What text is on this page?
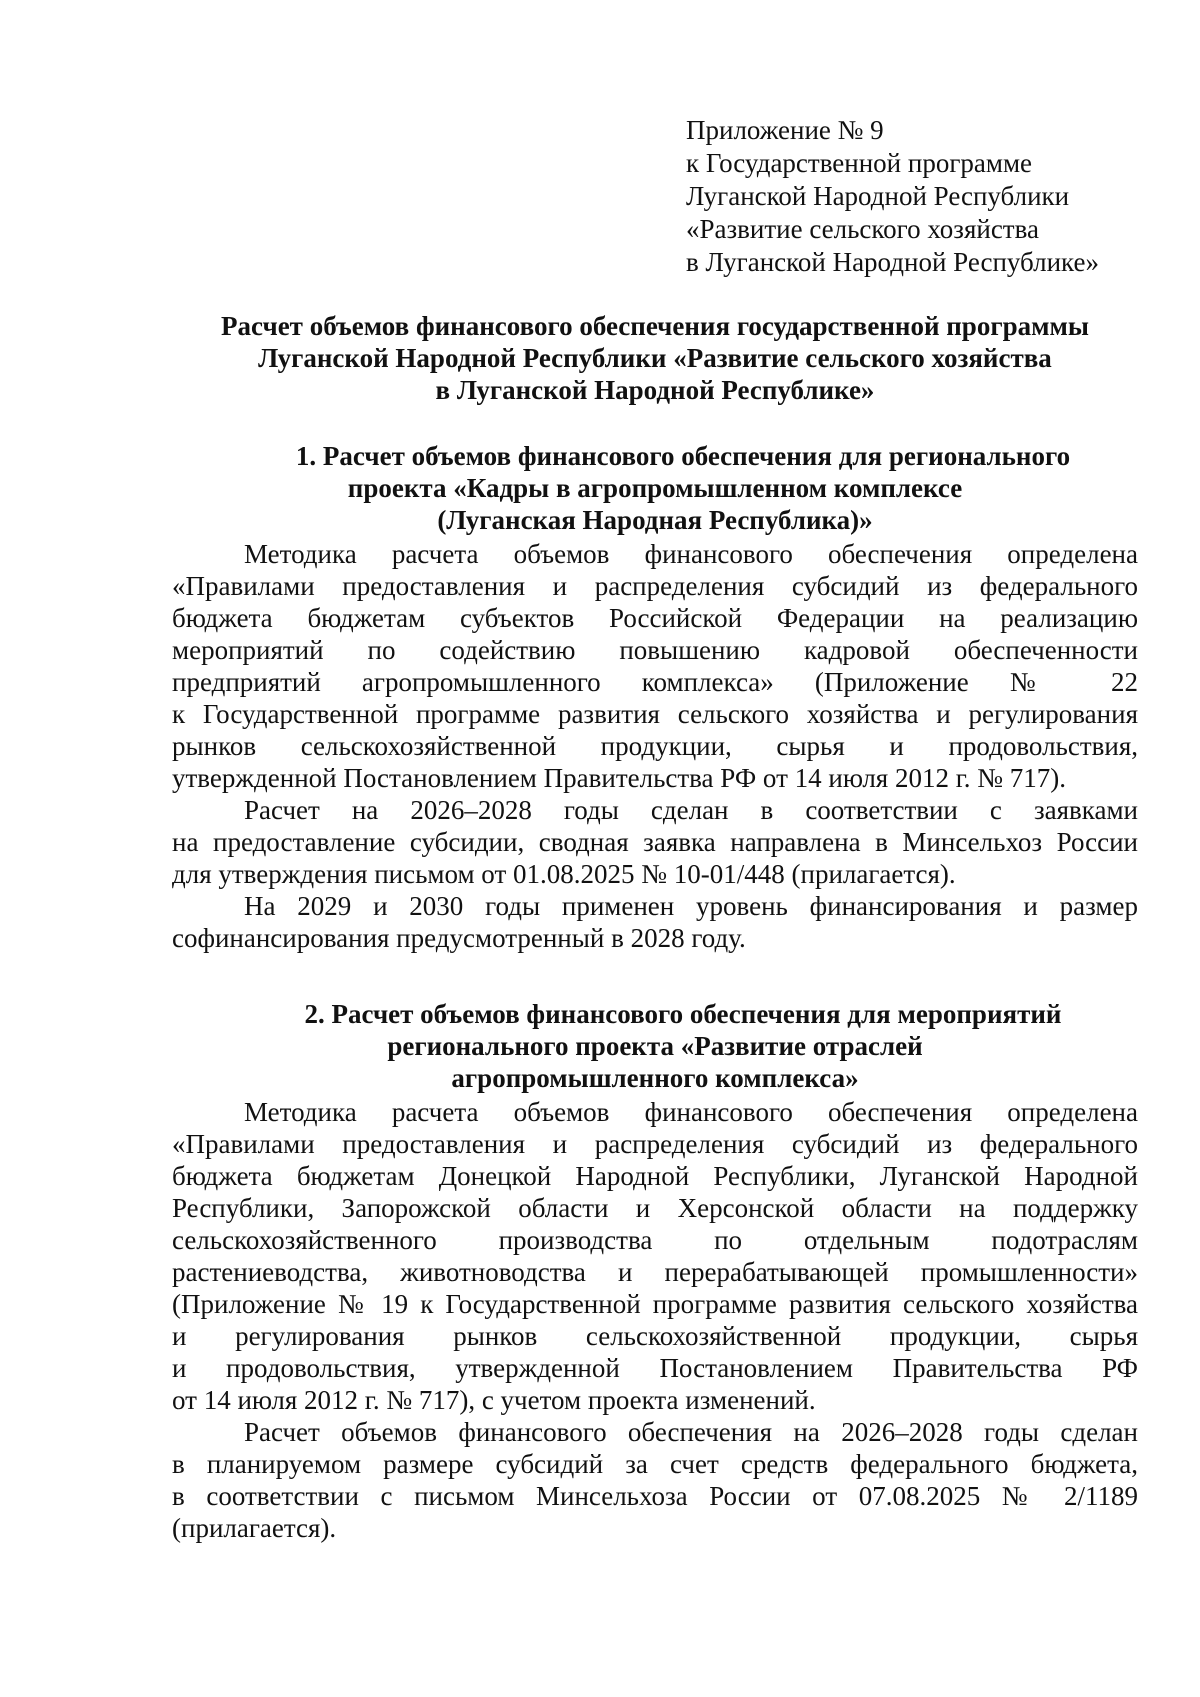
Приложение № 9
к Государственной программе
Луганской Народной Республики
«Развитие сельского хозяйства
в Луганской Народной Республике»
Расчет объемов финансового обеспечения государственной программы
Луганской Народной Республики «Развитие сельского хозяйства
в Луганской Народной Республике»
1. Расчет объемов финансового обеспечения для регионального
проекта «Кадры в агропромышленном комплексе
(Луганская Народная Республика)»
Методика расчета объемов финансового обеспечения определена
«Правилами предоставления и распределения субсидий из федерального
бюджета бюджетам субъектов Российской Федерации на реализацию
мероприятий по содействию повышению кадровой обеспеченности
предприятий агропромышленного комплекса» (Приложение № 22
к Государственной программе развития сельского хозяйства и регулирования
рынков сельскохозяйственной продукции, сырья и продовольствия,
утвержденной Постановлением Правительства РФ от 14 июля 2012 г. № 717).
Расчет на 2026–2028 годы сделан в соответствии с заявками
на предоставление субсидии, сводная заявка направлена в Минсельхоз России
для утверждения письмом от 01.08.2025 № 10-01/448 (прилагается).
На 2029 и 2030 годы применен уровень финансирования и размер
софинансирования предусмотренный в 2028 году.
2. Расчет объемов финансового обеспечения для мероприятий
регионального проекта «Развитие отраслей
агропромышленного комплекса»
Методика расчета объемов финансового обеспечения определена
«Правилами предоставления и распределения субсидий из федерального
бюджета бюджетам Донецкой Народной Республики, Луганской Народной
Республики, Запорожской области и Херсонской области на поддержку
сельскохозяйственного производства по отдельным подотраслям
растениеводства, животноводства и перерабатывающей промышленности»
(Приложение № 19 к Государственной программе развития сельского хозяйства
и регулирования рынков сельскохозяйственной продукции, сырья
и продовольствия, утвержденной Постановлением Правительства РФ
от 14 июля 2012 г. № 717), с учетом проекта изменений.
Расчет объемов финансового обеспечения на 2026–2028 годы сделан
в планируемом размере субсидий за счет средств федерального бюджета,
в соответствии с письмом Минсельхоза России от 07.08.2025 № 2/1189
(прилагается).
